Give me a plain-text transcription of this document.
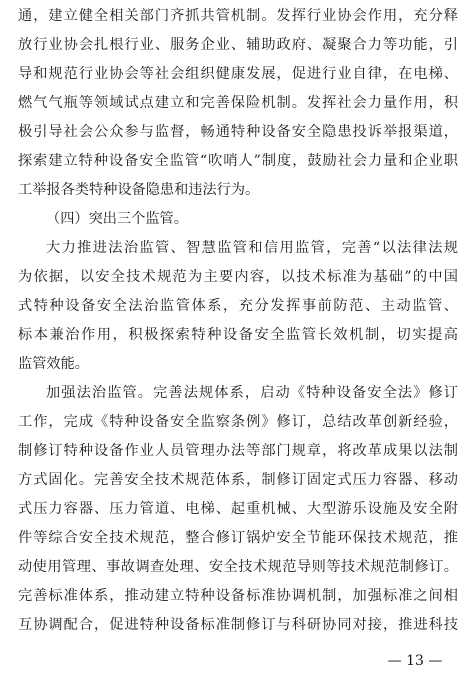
通，建立健全相关部门齐抓共管机制。发挥行业协会作用，充分释
放行业协会扎根行业、服务企业、辅助政府、凝聚合力等功能，引
导和规范行业协会等社会组织健康发展，促进行业自律，在电梯、
燃气气瓶等领域试点建立和完善保险机制。发挥社会力量作用，积
极引导社会公众参与监督，畅通特种设备安全隐患投诉举报渠道，
探索建立特种设备安全监管“吹哨人”制度，鼓励社会力量和企业职
工举报各类特种设备隐患和违法行为。
（四）突出三个监管。
大力推进法治监管、智慧监管和信用监管，完善“以法律法规
为依据，以安全技术规范为主要内容，以技术标准为基础”的中国
式特种设备安全法治监管体系，充分发挥事前防范、主动监管、
标本兼治作用，积极探索特种设备安全监管长效机制，切实提高
监管效能。
加强法治监管。完善法规体系，启动《特种设备安全法》修订
工作，完成《特种设备安全监察条例》修订，总结改革创新经验，
制修订特种设备作业人员管理办法等部门规章，将改革成果以法制
方式固化。完善安全技术规范体系，制修订固定式压力容器、移动
式压力容器、压力管道、电梯、起重机械、大型游乐设施及安全附
件等综合安全技术规范，整合修订锅炉安全节能环保技术规范，推
动使用管理、事故调查处理、安全技术规范导则等技术规范制修订。
完善标准体系，推动建立特种设备标准协调机制，加强标准之间相
互协调配合，促进特种设备标准制修订与科研协同对接，推进科技
— 13 —
